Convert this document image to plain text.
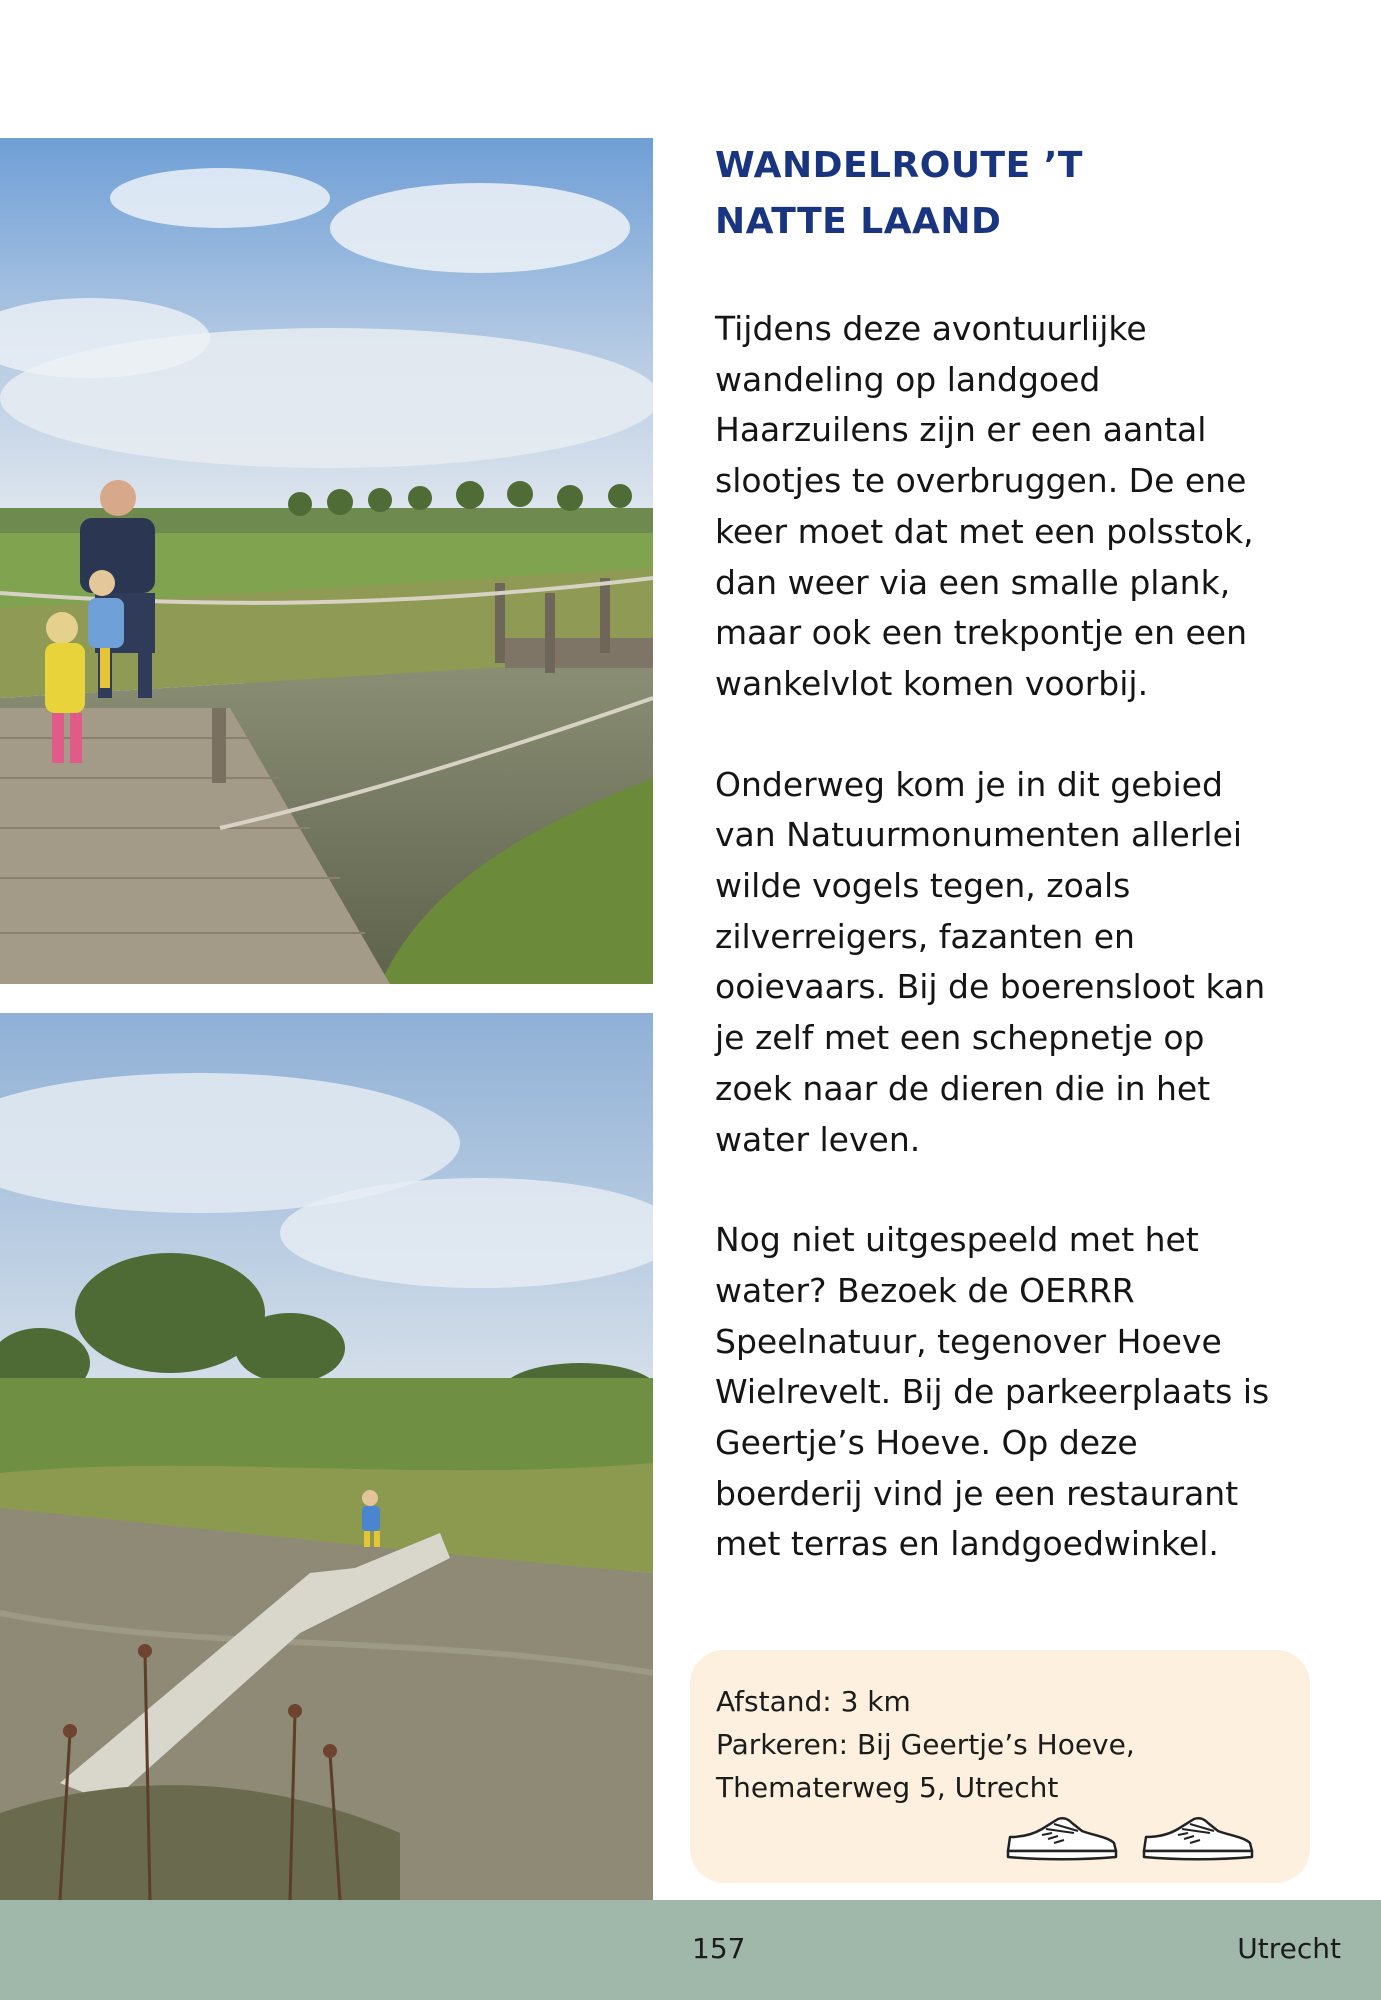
WANDELROUTE ’T
NATTE LAAND

Tijdens deze avontuurlijke
wandeling op landgoed
Haarzuilens zijn er een aantal
slootjes te overbruggen. De ene
keer moet dat met een polsstok,
dan weer via een smalle plank,
maar ook een trekpontje en een
wankelvlot komen voorbij.

Onderweg kom je in dit gebied
van Natuurmonumenten allerlei
wilde vogels tegen, zoals
zilverreigers, fazanten en
ooievaars. Bij de boerensloot kan
je zelf met een schepnetje op
zoek naar de dieren die in het
water leven.

Nog niet uitgespeeld met het
water? Bezoek de OERRR
Speelnatuur, tegenover Hoeve
Wielrevelt. Bij de parkeerplaats is
Geertje’s Hoeve. Op deze
boerderij vind je een restaurant
met terras en landgoedwinkel.

Afstand: 3 km
Parkeren: Bij Geertje’s Hoeve,
Thematerweg 5, Utrecht
157	Utrecht
